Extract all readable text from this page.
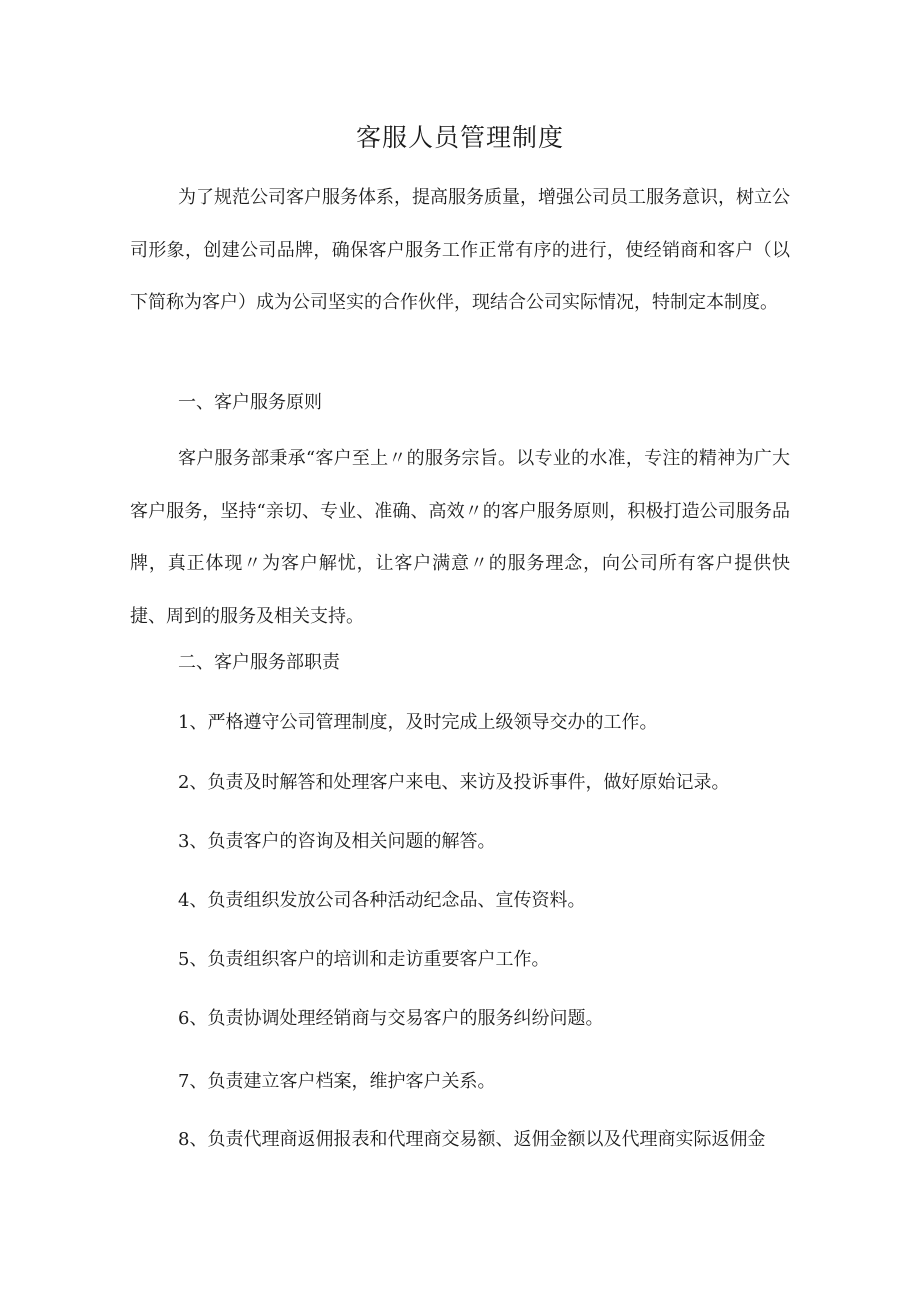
客服人员管理制度

为了规范公司客户服务体系，提高服务质量，增强公司员工服务意识，树立公司形象，创建公司品牌，确保客户服务工作正常有序的进行，使经销商和客户（以下简称为客户）成为公司坚实的合作伙伴，现结合公司实际情况，特制定本制度。

一、客户服务原则

客户服务部秉承“客户至上〃的服务宗旨。以专业的水准，专注的精神为广大客户服务，坚持“亲切、专业、准确、高效〃的客户服务原则，积极打造公司服务品牌，真正体现〃为客户解忧，让客户满意〃的服务理念，向公司所有客户提供快捷、周到的服务及相关支持。

二、客户服务部职责
1、严格遵守公司管理制度，及时完成上级领导交办的工作。
2、负责及时解答和处理客户来电、来访及投诉事件，做好原始记录。
3、负责客户的咨询及相关问题的解答。
4、负责组织发放公司各种活动纪念品、宣传资料。
5、负责组织客户的培训和走访重要客户工作。
6、负责协调处理经销商与交易客户的服务纠纷问题。
7、负责建立客户档案，维护客户关系。
8、负责代理商返佣报表和代理商交易额、返佣金额以及代理商实际返佣金
